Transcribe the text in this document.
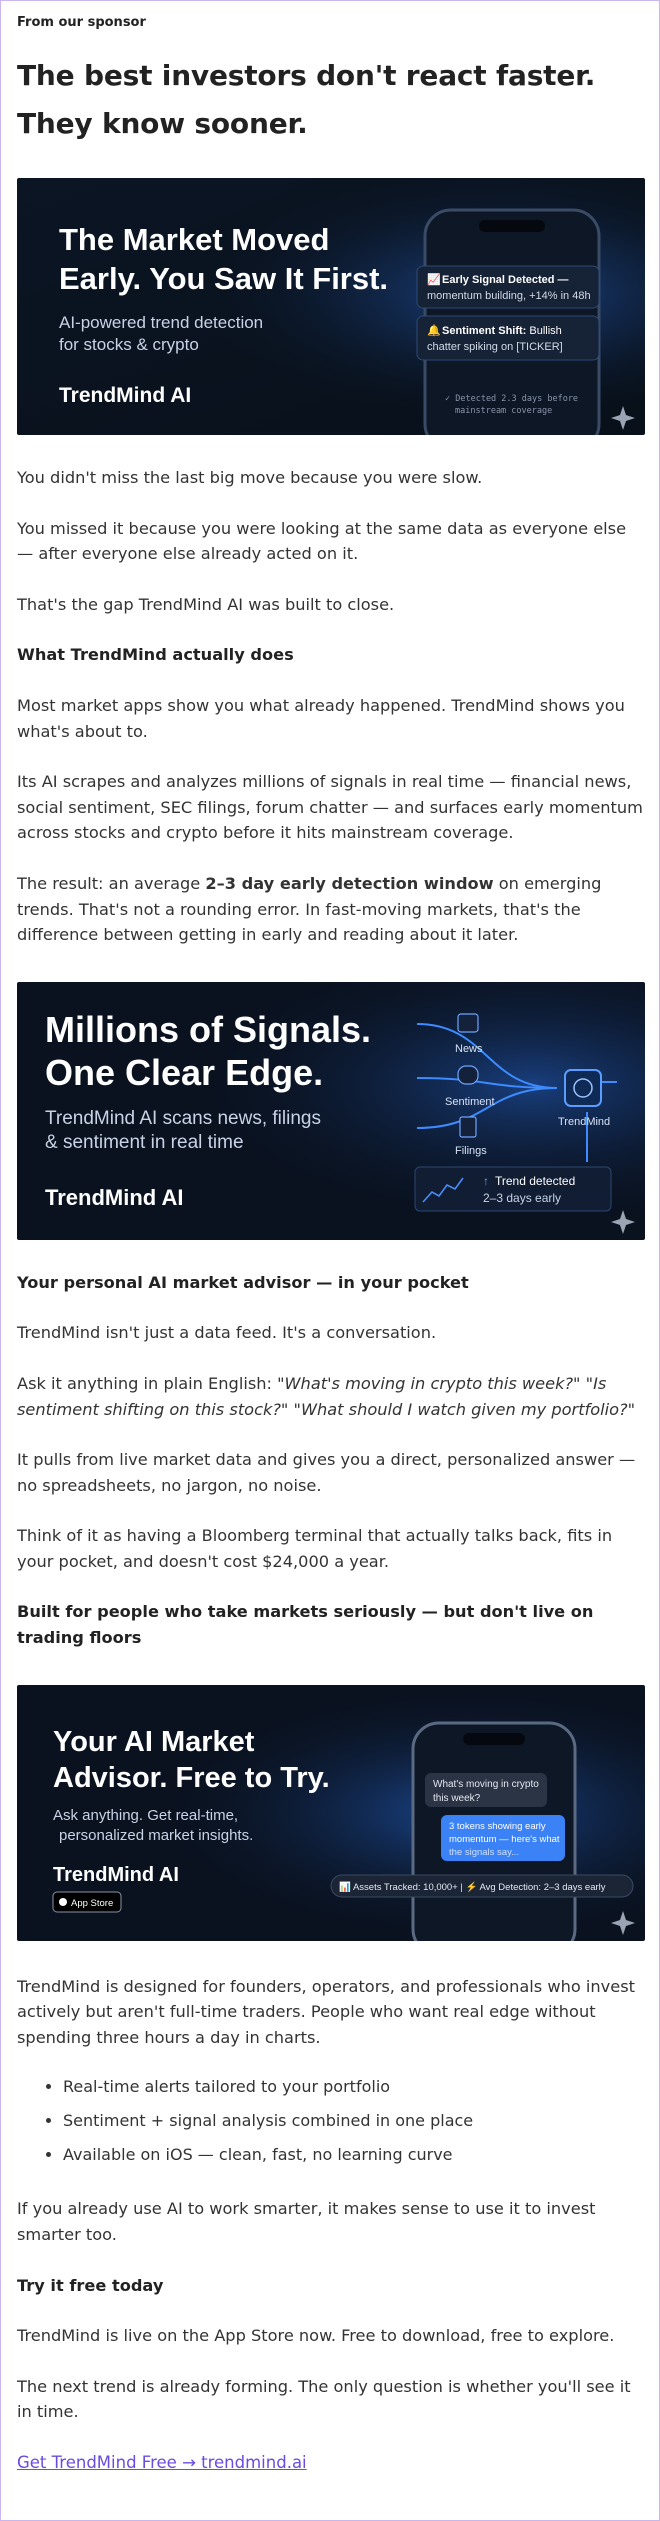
From our sponsor
The best investors don't react faster. They know sooner.
The Market Moved
Early. You Saw It First.
AI-powered trend detection
for stocks & crypto
TrendMind AI
📈 Early Signal Detected —
momentum building, +14% in 48h
🔔 Sentiment Shift: Bullish
chatter spiking on [TICKER]
✓ Detected 2.3 days before
mainstream coverage

You didn't miss the last big move because you were slow.

You missed it because you were looking at the same data as everyone else — after everyone else already acted on it.

That's the gap TrendMind AI was built to close.

What TrendMind actually does

Most market apps show you what already happened. TrendMind shows you what's about to.

Its AI scrapes and analyzes millions of signals in real time — financial news, social sentiment, SEC filings, forum chatter — and surfaces early momentum across stocks and crypto before it hits mainstream coverage.

The result: an average 2–3 day early detection window on emerging trends. That's not a rounding error. In fast-moving markets, that's the difference between getting in early and reading about it later.

Millions of Signals.
One Clear Edge.
TrendMind AI scans news, filings
& sentiment in real time
TrendMind AI
News
Sentiment
Filings
TrendMind
↑ Trend detected
2–3 days early

Your personal AI market advisor — in your pocket

TrendMind isn't just a data feed. It's a conversation.

Ask it anything in plain English: "What's moving in crypto this week?" "Is sentiment shifting on this stock?" "What should I watch given my portfolio?"

It pulls from live market data and gives you a direct, personalized answer — no spreadsheets, no jargon, no noise.

Think of it as having a Bloomberg terminal that actually talks back, fits in your pocket, and doesn't cost $24,000 a year.

Built for people who take markets seriously — but don't live on trading floors

Your AI Market
Advisor. Free to Try.
Ask anything. Get real-time,
personalized market insights.
TrendMind AI
App Store
What's moving in crypto
this week?
3 tokens showing early
momentum — here's what
the signals say...
📊 Assets Tracked: 10,000+ | ⚡ Avg Detection: 2–3 days early

TrendMind is designed for founders, operators, and professionals who invest actively but aren't full-time traders. People who want real edge without spending three hours a day in charts.

• Real-time alerts tailored to your portfolio
• Sentiment + signal analysis combined in one place
• Available on iOS — clean, fast, no learning curve

If you already use AI to work smarter, it makes sense to use it to invest smarter too.

Try it free today

TrendMind is live on the App Store now. Free to download, free to explore.

The next trend is already forming. The only question is whether you'll see it in time.

Get TrendMind Free → trendmind.ai
